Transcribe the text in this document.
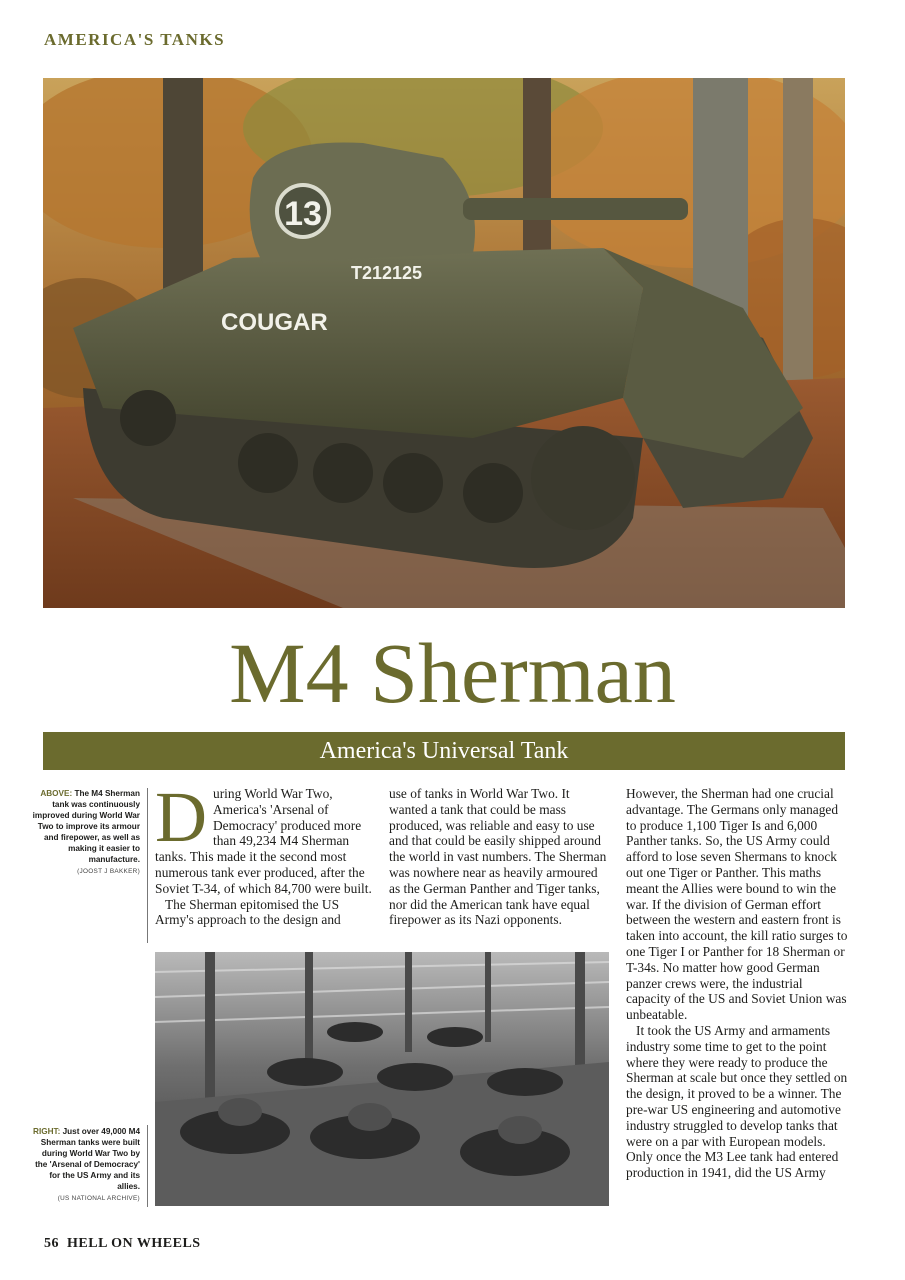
AMERICA'S TANKS
13
T212125
COUGAR
M4 Sherman
America's Universal Tank
ABOVE: The M4 Sherman tank was continuously improved during World War Two to improve its armour and firepower, as well as making it easier to manufacture.
(JOOST J BAKKER)
RIGHT: Just over 49,000 M4 Sherman tanks were built during World War Two by the 'Arsenal of Democracy' for the US Army and its allies.
(US NATIONAL ARCHIVE)

During World War Two, America's 'Arsenal of Democracy' produced more than 49,234 M4 Sherman tanks. This made it the second most numerous tank ever produced, after the Soviet T-34, of which 84,700 were built.

The Sherman epitomised the US Army's approach to the design and

use of tanks in World War Two. It wanted a tank that could be mass produced, was reliable and easy to use and that could be easily shipped around the world in vast numbers. The Sherman was nowhere near as heavily armoured as the German Panther and Tiger tanks, nor did the American tank have equal firepower as its Nazi opponents.

However, the Sherman had one crucial advantage. The Germans only managed to produce 1,100 Tiger Is and 6,000 Panther tanks. So, the US Army could afford to lose seven Shermans to knock out one Tiger or Panther. This maths meant the Allies were bound to win the war. If the division of German effort between the western and eastern front is taken into account, the kill ratio surges to one Tiger I or Panther for 18 Sherman or T-34s. No matter how good German panzer crews were, the industrial capacity of the US and Soviet Union was unbeatable.

It took the US Army and armaments industry some time to get to the point where they were ready to produce the Sherman at scale but once they settled on the design, it proved to be a winner. The pre-war US engineering and automotive industry struggled to develop tanks that were on a par with European models. Only once the M3 Lee tank had entered production in 1941, did the US Army

56 HELL ON WHEELS
